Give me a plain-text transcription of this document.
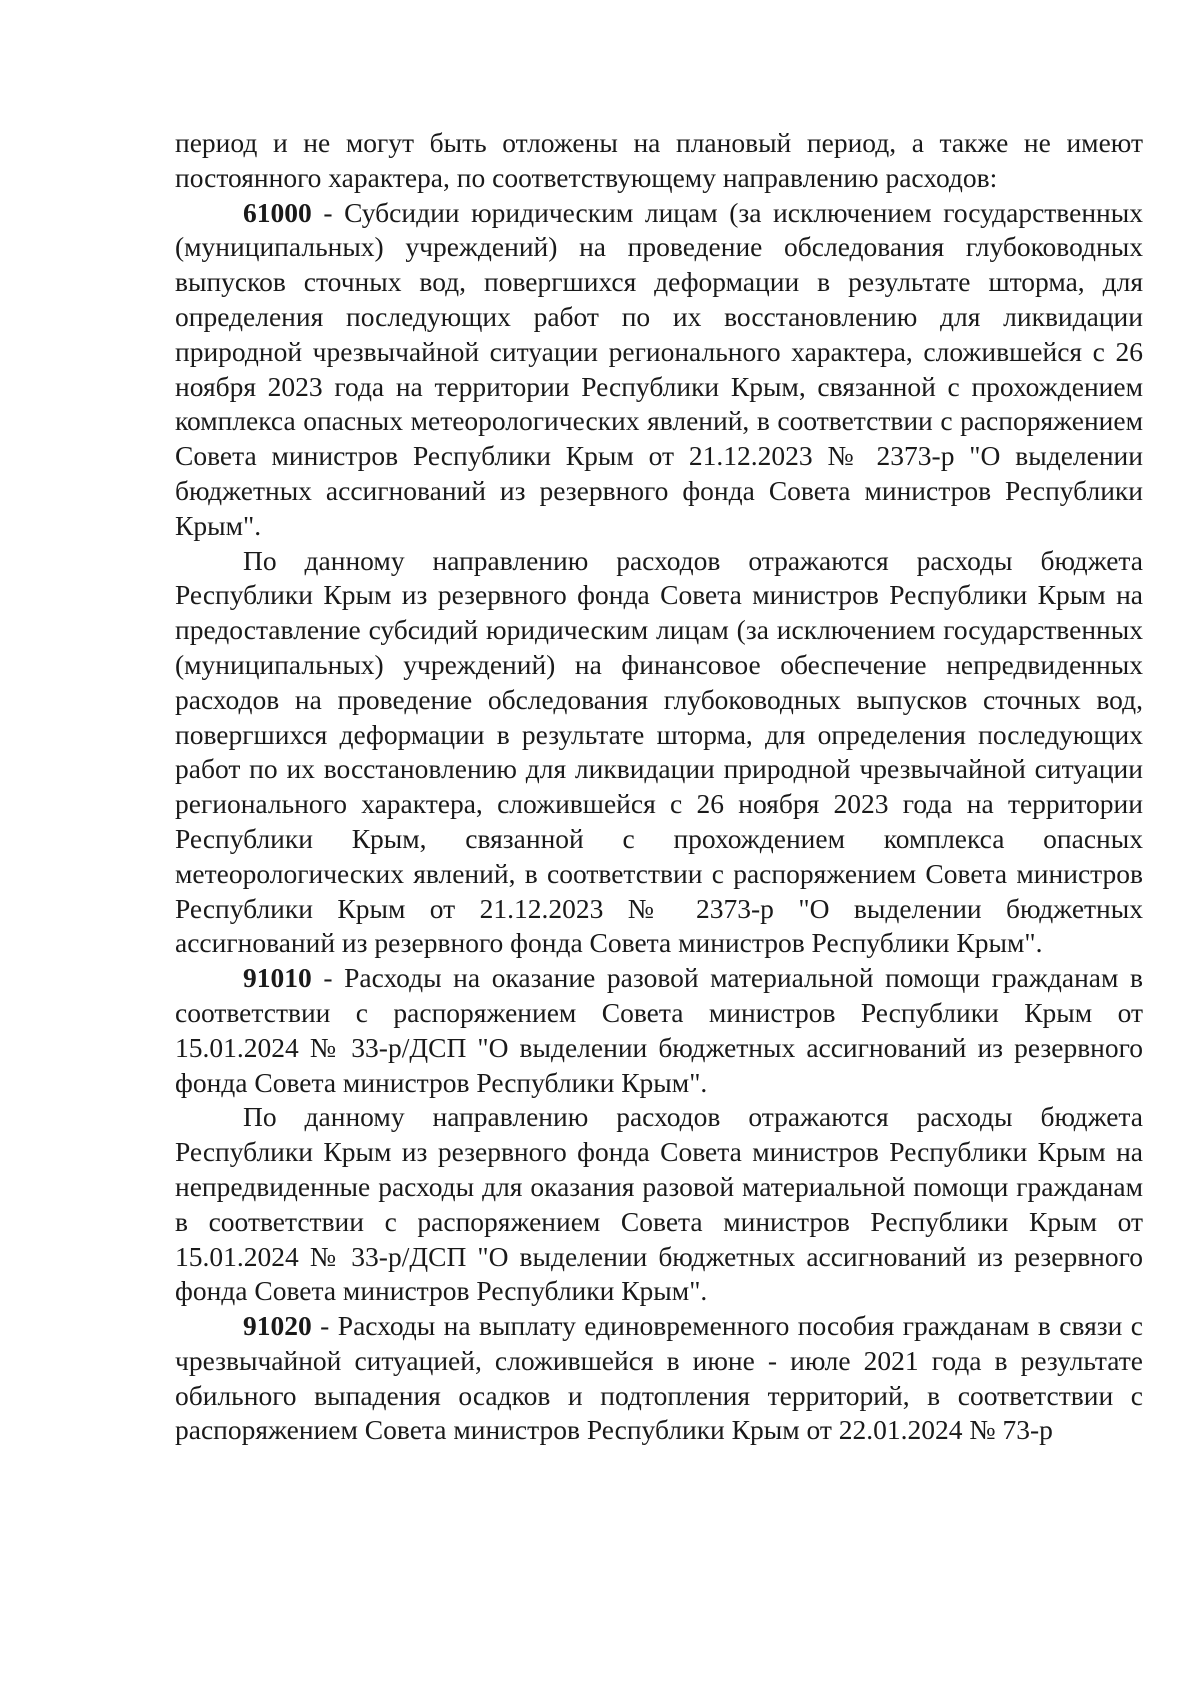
период и не могут быть отложены на плановый период, а также не имеют постоянного характера, по соответствующему направлению расходов:

61000 - Субсидии юридическим лицам (за исключением государственных (муниципальных) учреждений) на проведение обследования глубоководных выпусков сточных вод, повергшихся деформации в результате шторма, для определения последующих работ по их восстановлению для ликвидации природной чрезвычайной ситуации регионального характера, сложившейся с 26 ноября 2023 года на территории Республики Крым, связанной с прохождением комплекса опасных метеорологических явлений, в соответствии с распоряжением Совета министров Республики Крым от 21.12.2023 № 2373-р "О выделении бюджетных ассигнований из резервного фонда Совета министров Республики Крым".

По данному направлению расходов отражаются расходы бюджета Республики Крым из резервного фонда Совета министров Республики Крым на предоставление субсидий юридическим лицам (за исключением государственных (муниципальных) учреждений) на финансовое обеспечение непредвиденных расходов на проведение обследования глубоководных выпусков сточных вод, повергшихся деформации в результате шторма, для определения последующих работ по их восстановлению для ликвидации природной чрезвычайной ситуации регионального характера, сложившейся с 26 ноября 2023 года на территории Республики Крым, связанной с прохождением комплекса опасных метеорологических явлений, в соответствии с распоряжением Совета министров Республики Крым от 21.12.2023 № 2373-р "О выделении бюджетных ассигнований из резервного фонда Совета министров Республики Крым".

91010 - Расходы на оказание разовой материальной помощи гражданам в соответствии с распоряжением Совета министров Республики Крым от 15.01.2024 № 33-р/ДСП "О выделении бюджетных ассигнований из резервного фонда Совета министров Республики Крым".

По данному направлению расходов отражаются расходы бюджета Республики Крым из резервного фонда Совета министров Республики Крым на непредвиденные расходы для оказания разовой материальной помощи гражданам в соответствии с распоряжением Совета министров Республики Крым от 15.01.2024 № 33-р/ДСП "О выделении бюджетных ассигнований из резервного фонда Совета министров Республики Крым".

91020 - Расходы на выплату единовременного пособия гражданам в связи с чрезвычайной ситуацией, сложившейся в июне - июле 2021 года в результате обильного выпадения осадков и подтопления территорий, в соответствии с распоряжением Совета министров Республики Крым от 22.01.2024 № 73-р
